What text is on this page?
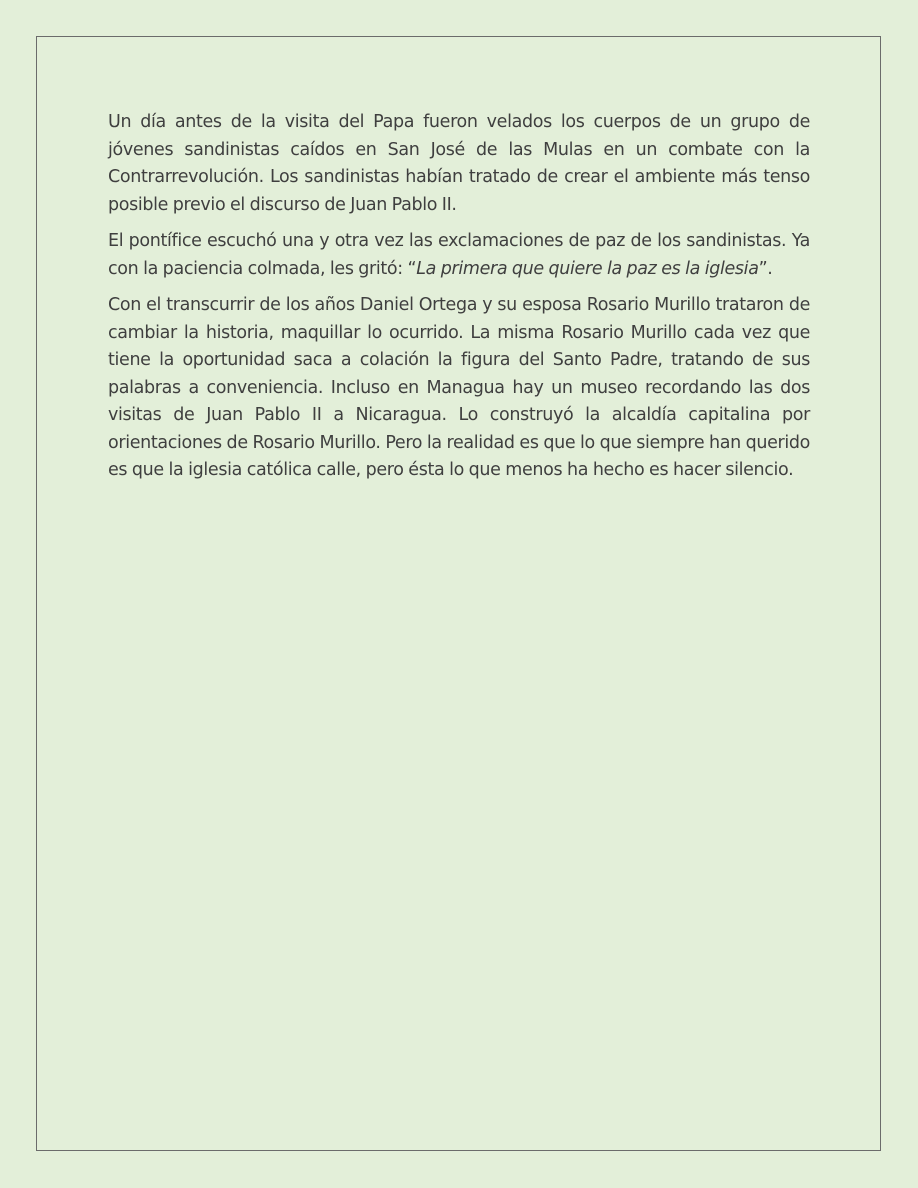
Un día antes de la visita del Papa fueron velados los cuerpos de un grupo de jóvenes sandinistas caídos en San José de las Mulas en un combate con la Contrarrevolución. Los sandinistas habían tratado de crear el ambiente más tenso posible previo el discurso de Juan Pablo II.

El pontífice escuchó una y otra vez las exclamaciones de paz de los sandinistas. Ya con la paciencia colmada, les gritó: “La primera que quiere la paz es la iglesia”.

Con el transcurrir de los años Daniel Ortega y su esposa Rosario Murillo trataron de cambiar la historia, maquillar lo ocurrido. La misma Rosario Murillo cada vez que tiene la oportunidad saca a colación la figura del Santo Padre, tratando de sus palabras a conveniencia. Incluso en Managua hay un museo recordando las dos visitas de Juan Pablo II a Nicaragua. Lo construyó la alcaldía capitalina por orientaciones de Rosario Murillo. Pero la realidad es que lo que siempre han querido es que la iglesia católica calle, pero ésta lo que menos ha hecho es hacer silencio.
